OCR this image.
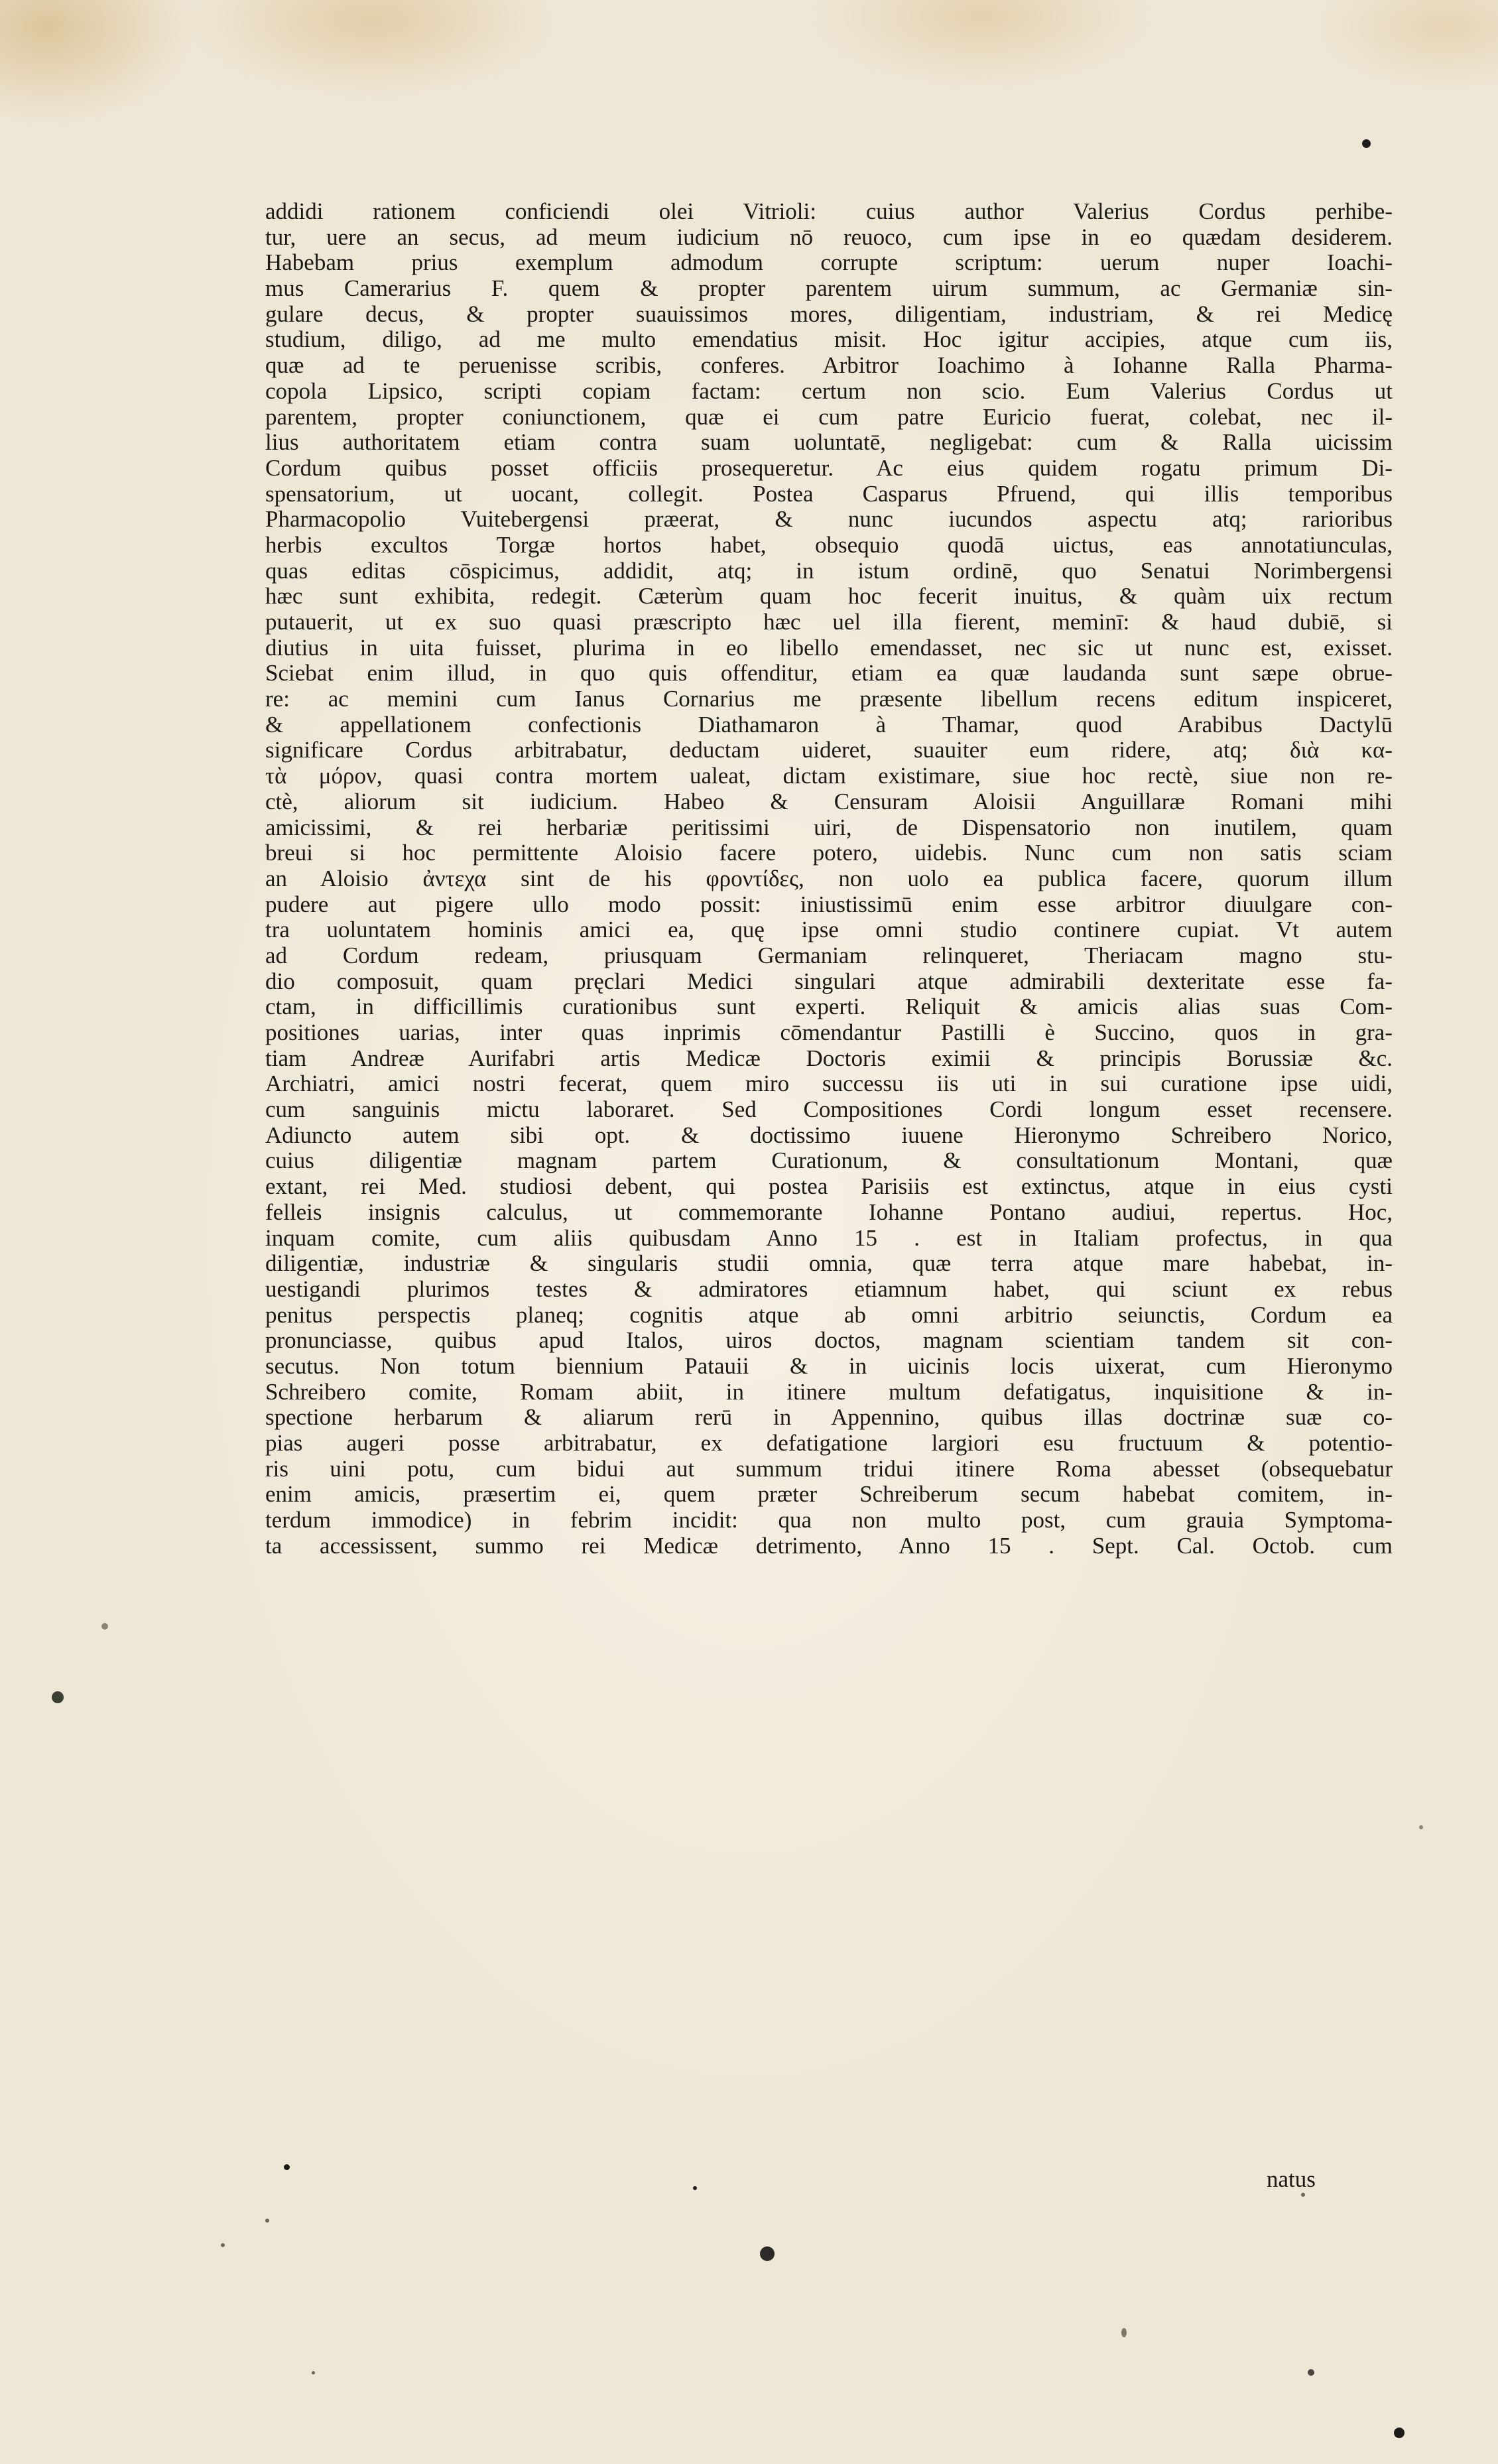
addidi rationem conficiendi olei Vitrioli: cuius author Valerius Cordus perhibe-
tur, uere an secus, ad meum iudicium nō reuoco, cum ipse in eo quædam desiderem.
Habebam prius exemplum admodum corrupte scriptum: uerum nuper Ioachi-
mus Camerarius F. quem & propter parentem uirum summum, ac Germaniæ sin-
gulare decus, & propter suauissimos mores, diligentiam, industriam, & rei Medicę
studium, diligo, ad me multo emendatius misit. Hoc igitur accipies, atque cum iis,
quæ ad te peruenisse scribis, conferes. Arbitror Ioachimo à Iohanne Ralla Pharma-
copola Lipsico, scripti copiam factam: certum non scio. Eum Valerius Cordus ut
parentem, propter coniunctionem, quæ ei cum patre Euricio fuerat, colebat, nec il-
lius authoritatem etiam contra suam uoluntatē, negligebat: cum & Ralla uicissim
Cordum quibus posset officiis prosequeretur. Ac eius quidem rogatu primum Di-
spensatorium, ut uocant, collegit. Postea Casparus Pfruend, qui illis temporibus
Pharmacopolio Vuitebergensi præerat, & nunc iucundos aspectu atq; rarioribus
herbis excultos Torgæ hortos habet, obsequio quodā uictus, eas annotatiunculas,
quas editas cōspicimus, addidit, atq; in istum ordinē, quo Senatui Norimbergensi
hæc sunt exhibita, redegit. Cæterùm quam hoc fecerit inuitus, & quàm uix rectum
putauerit, ut ex suo quasi præscripto hæc uel illa fierent, meminī: & haud dubiē, si
diutius in uita fuisset, plurima in eo libello emendasset, nec sic ut nunc est, exisset.
Sciebat enim illud, in quo quis offenditur, etiam ea quæ laudanda sunt sæpe obrue-
re: ac memini cum Ianus Cornarius me præsente libellum recens editum inspiceret,
& appellationem confectionis Diathamaron à Thamar, quod Arabibus Dactylū
significare Cordus arbitrabatur, deductam uideret, suauiter eum ridere, atq; διὰ κα-
τὰ μόρον, quasi contra mortem ualeat, dictam existimare, siue hoc rectè, siue non re-
ctè, aliorum sit iudicium. Habeo & Censuram Aloisii Anguillaræ Romani mihi
amicissimi, & rei herbariæ peritissimi uiri, de Dispensatorio non inutilem, quam
breui si hoc permittente Aloisio facere potero, uidebis. Nunc cum non satis sciam
an Aloisio ἀντεχα sint de his φροντίδες, non uolo ea publica facere, quorum illum
pudere aut pigere ullo modo possit: iniustissimū enim esse arbitror diuulgare con-
tra uoluntatem hominis amici ea, quę ipse omni studio continere cupiat. Vt autem
ad Cordum redeam, priusquam Germaniam relinqueret, Theriacam magno stu-
dio composuit, quam pręclari Medici singulari atque admirabili dexteritate esse fa-
ctam, in difficillimis curationibus sunt experti. Reliquit & amicis alias suas Com-
positiones uarias, inter quas inprimis cōmendantur Pastilli è Succino, quos in gra-
tiam Andreæ Aurifabri artis Medicæ Doctoris eximii & principis Borussiæ &c.
Archiatri, amici nostri fecerat, quem miro successu iis uti in sui curatione ipse uidi,
cum sanguinis mictu laboraret. Sed Compositiones Cordi longum esset recensere.
Adiuncto autem sibi opt. & doctissimo iuuene Hieronymo Schreibero Norico,
cuius diligentiæ magnam partem Curationum, & consultationum Montani, quæ
extant, rei Med. studiosi debent, qui postea Parisiis est extinctus, atque in eius cysti
felleis insignis calculus, ut commemorante Iohanne Pontano audiui, repertus. Hoc,
inquam comite, cum aliis quibusdam Anno 15 . est in Italiam profectus, in qua
diligentiæ, industriæ & singularis studii omnia, quæ terra atque mare habebat, in-
uestigandi plurimos testes & admiratores etiamnum habet, qui sciunt ex rebus
penitus perspectis planeq; cognitis atque ab omni arbitrio seiunctis, Cordum ea
pronunciasse, quibus apud Italos, uiros doctos, magnam scientiam tandem sit con-
secutus. Non totum biennium Patauii & in uicinis locis uixerat, cum Hieronymo
Schreibero comite, Romam abiit, in itinere multum defatigatus, inquisitione & in-
spectione herbarum & aliarum rerū in Appennino, quibus illas doctrinæ suæ co-
pias augeri posse arbitrabatur, ex defatigatione largiori esu fructuum & potentio-
ris uini potu, cum bidui aut summum tridui itinere Roma abesset (obsequebatur
enim amicis, præsertim ei, quem præter Schreiberum secum habebat comitem, in-
terdum immodice) in febrim incidit: qua non multo post, cum grauia Symptoma-
ta accessissent, summo rei Medicæ detrimento, Anno 15 . Sept. Cal. Octob. cum
natus
